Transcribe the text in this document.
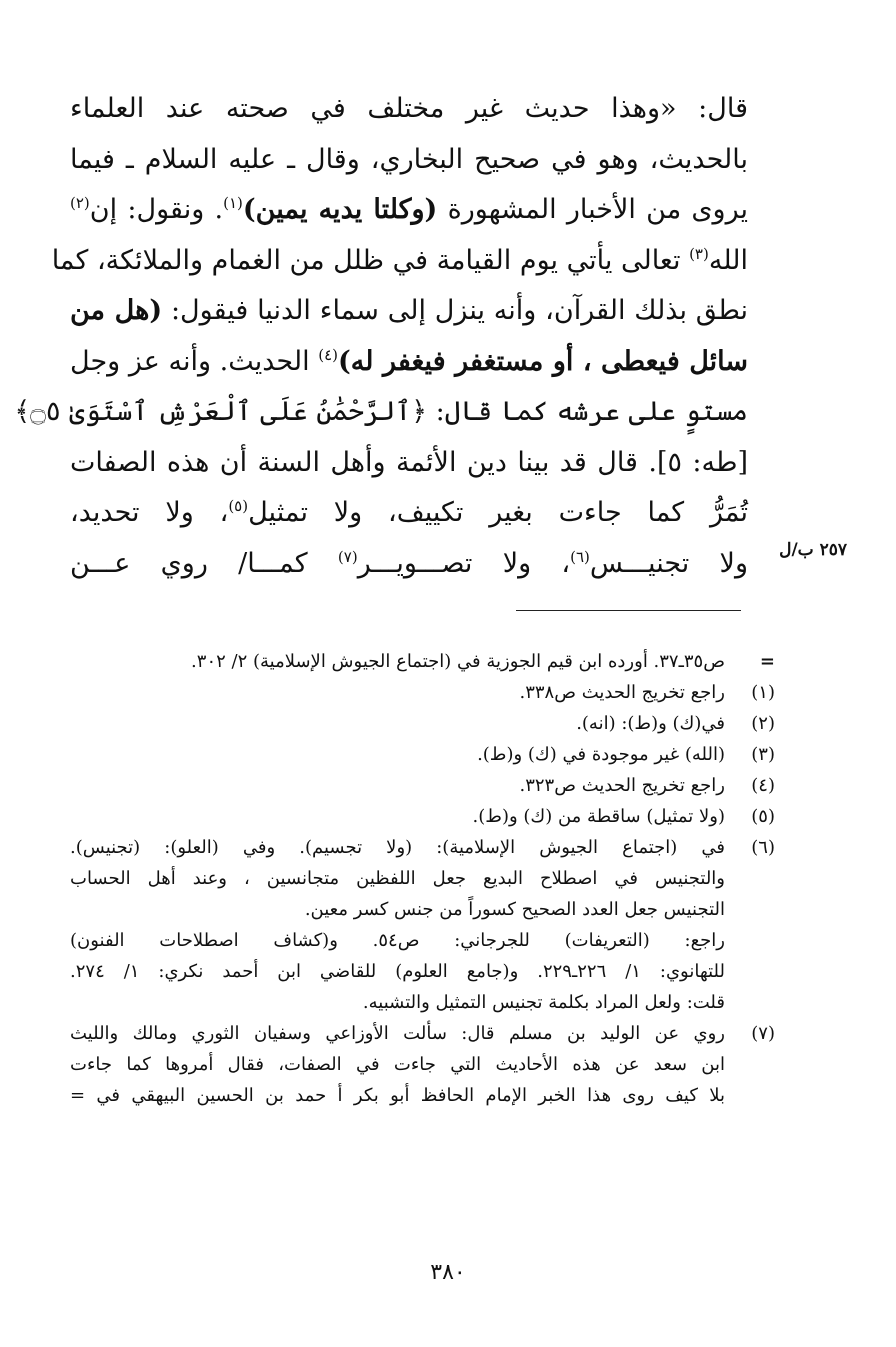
قال: «وهذا حديث غير مختلف في صحته عند العلماء
بالحديث، وهو في صحيح البخاري، وقال ـ عليه السلام ـ فيما
يروى من الأخبار المشهورة (وكلتا يديه يمين)$^{(١)}$. ونقول: إن$^{(٢)}$
الله$^{(٣)}$ تعالى يأتي يوم القيامة في ظلل من الغمام والملائكة، كما
نطق بذلك القرآن، وأنه ينزل إلى سماء الدنيا فيقول: (هل من
سائل فيعطى ، أو مستغفر فيغفر له)$^{(٤)}$ الحديث. وأنه عز وجل
مستوٍ على عرشه كما قال: ﴿ٱلرَّحْمَٰنُ عَلَى ٱلْعَرْشِ ٱسْتَوَىٰ ۝٥﴾
[طه: ٥]. قال قد بينا دين الأئمة وأهل السنة أن هذه الصفات
تُمَرُّ كما جاءت بغير تكييف، ولا تمثيل$^{(٥)}$، ولا تحديد،
ولا تجنيـــس$^{(٦)}$، ولا تصـــويـــر$^{(٧)}$ كمـــا/ روي عـــن	٢٥٧ ب/ل
=
ص٣٥ـ٣٧. أورده ابن قيم الجوزية في (اجتماع الجيوش الإسلامية) ٢/ ٣٠٢.
(١)
راجع تخريج الحديث ص٣٣٨.
(٢)
في(ك) و(ط): (انه).
(٣)
(الله) غير موجودة في (ك) و(ط).
(٤)
راجع تخريج الحديث ص٣٢٣.
(٥)
(ولا تمثيل) ساقطة من (ك) و(ط).
(٦)
في (اجتماع الجيوش الإسلامية): (ولا تجسيم). وفي (العلو): (تجنيس).
والتجنيس في اصطلاح البديع جعل اللفظين متجانسين ، وعند أهل الحساب
التجنيس جعل العدد الصحيح كسوراً من جنس كسر معين.
راجع: (التعريفات) للجرجاني: ص٥٤. و(كشاف اصطلاحات الفنون)
للتهانوي: ١/ ٢٢٦ـ٢٢٩. و(جامع العلوم) للقاضي ابن أحمد نكري: ١/ ٢٧٤.
قلت: ولعل المراد بكلمة تجنيس التمثيل والتشبيه.
(٧)
روي عن الوليد بن مسلم قال: سألت الأوزاعي وسفيان الثوري ومالك والليث
ابن سعد عن هذه الأحاديث التي جاءت في الصفات، فقال أمروها كما جاءت
بلا كيف روى هذا الخبر الإمام الحافظ أبو بكر أ حمد بن الحسين البيهقي في =
٣٨٠
